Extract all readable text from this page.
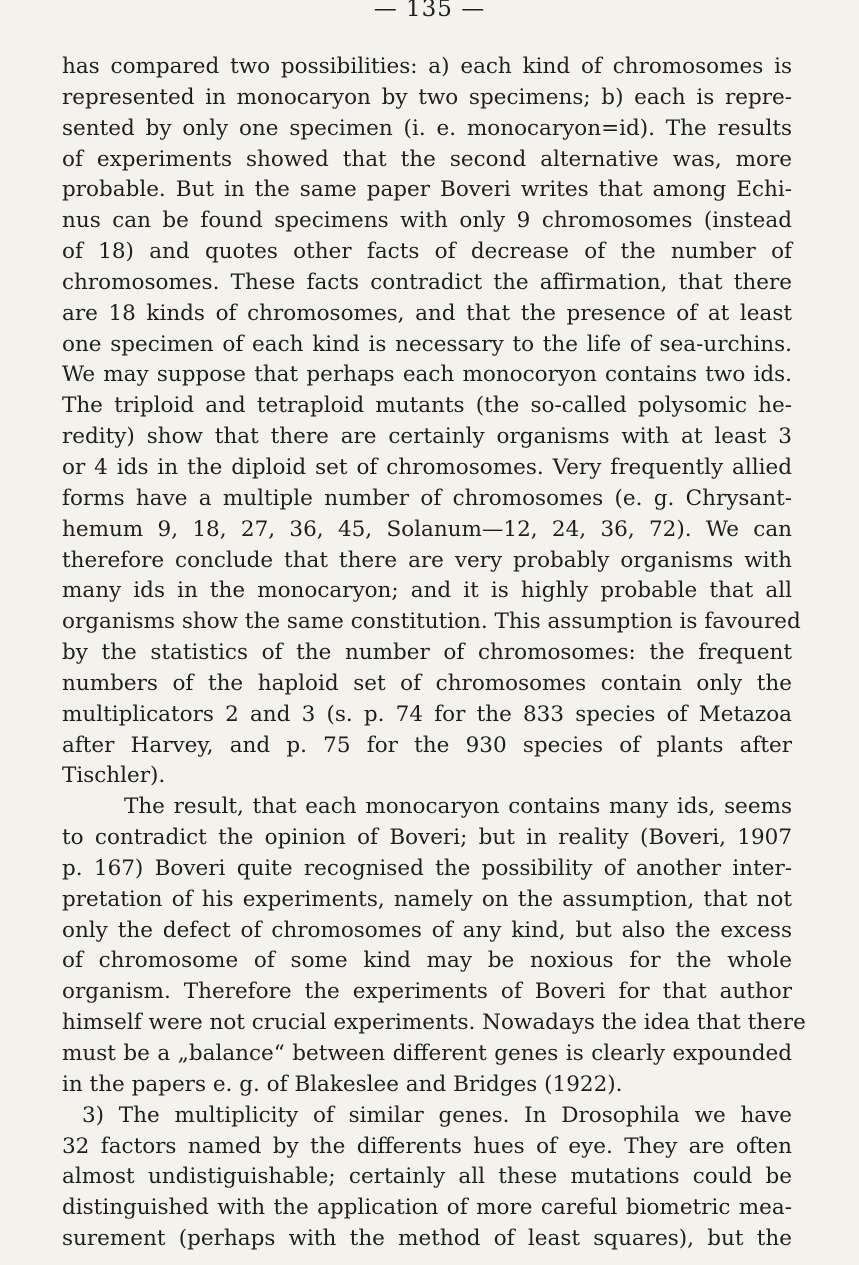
— 135 —
has compared two possibilities: a) each kind of chromosomes is
represented in monocaryon by two specimens; b) each is repre-
sented by only one specimen (i. e. monocaryon=id). The results
of experiments showed that the second alternative was, more
probable. But in the same paper Boveri writes that among Echi-
nus can be found specimens with only 9 chromosomes (instead
of 18) and quotes other facts of decrease of the number of
chromosomes. These facts contradict the affirmation, that there
are 18 kinds of chromosomes, and that the presence of at least
one specimen of each kind is necessary to the life of sea-urchins.
We may suppose that perhaps each monocoryon contains two ids.
The triploid and tetraploid mutants (the so-called polysomic he-
redity) show that there are certainly organisms with at least 3
or 4 ids in the diploid set of chromosomes. Very frequently allied
forms have a multiple number of chromosomes (e. g. Chrysant-
hemum 9, 18, 27, 36, 45, Solanum—12, 24, 36, 72). We can
therefore conclude that there are very probably organisms with
many ids in the monocaryon; and it is highly probable that all
organisms show the same constitution. This assumption is favoured
by the statistics of the number of chromosomes: the frequent
numbers of the haploid set of chromosomes contain only the
multiplicators 2 and 3 (s. p. 74 for the 833 species of Metazoa
after Harvey, and p. 75 for the 930 species of plants after
Tischler).
The result, that each monocaryon contains many ids, seems
to contradict the opinion of Boveri; but in reality (Boveri, 1907
p. 167) Boveri quite recognised the possibility of another inter-
pretation of his experiments, namely on the assumption, that not
only the defect of chromosomes of any kind, but also the excess
of chromosome of some kind may be noxious for the whole
organism. Therefore the experiments of Boveri for that author
himself were not crucial experiments. Nowadays the idea that there
must be a „balance“ between different genes is clearly expounded
in the papers e. g. of Blakeslee and Bridges (1922).
3) The multiplicity of similar genes. In Drosophila we have
32 factors named by the differents hues of eye. They are often
almost undistiguishable; certainly all these mutations could be
distinguished with the application of more careful biometric mea-
surement (perhaps with the method of least squares), but the
